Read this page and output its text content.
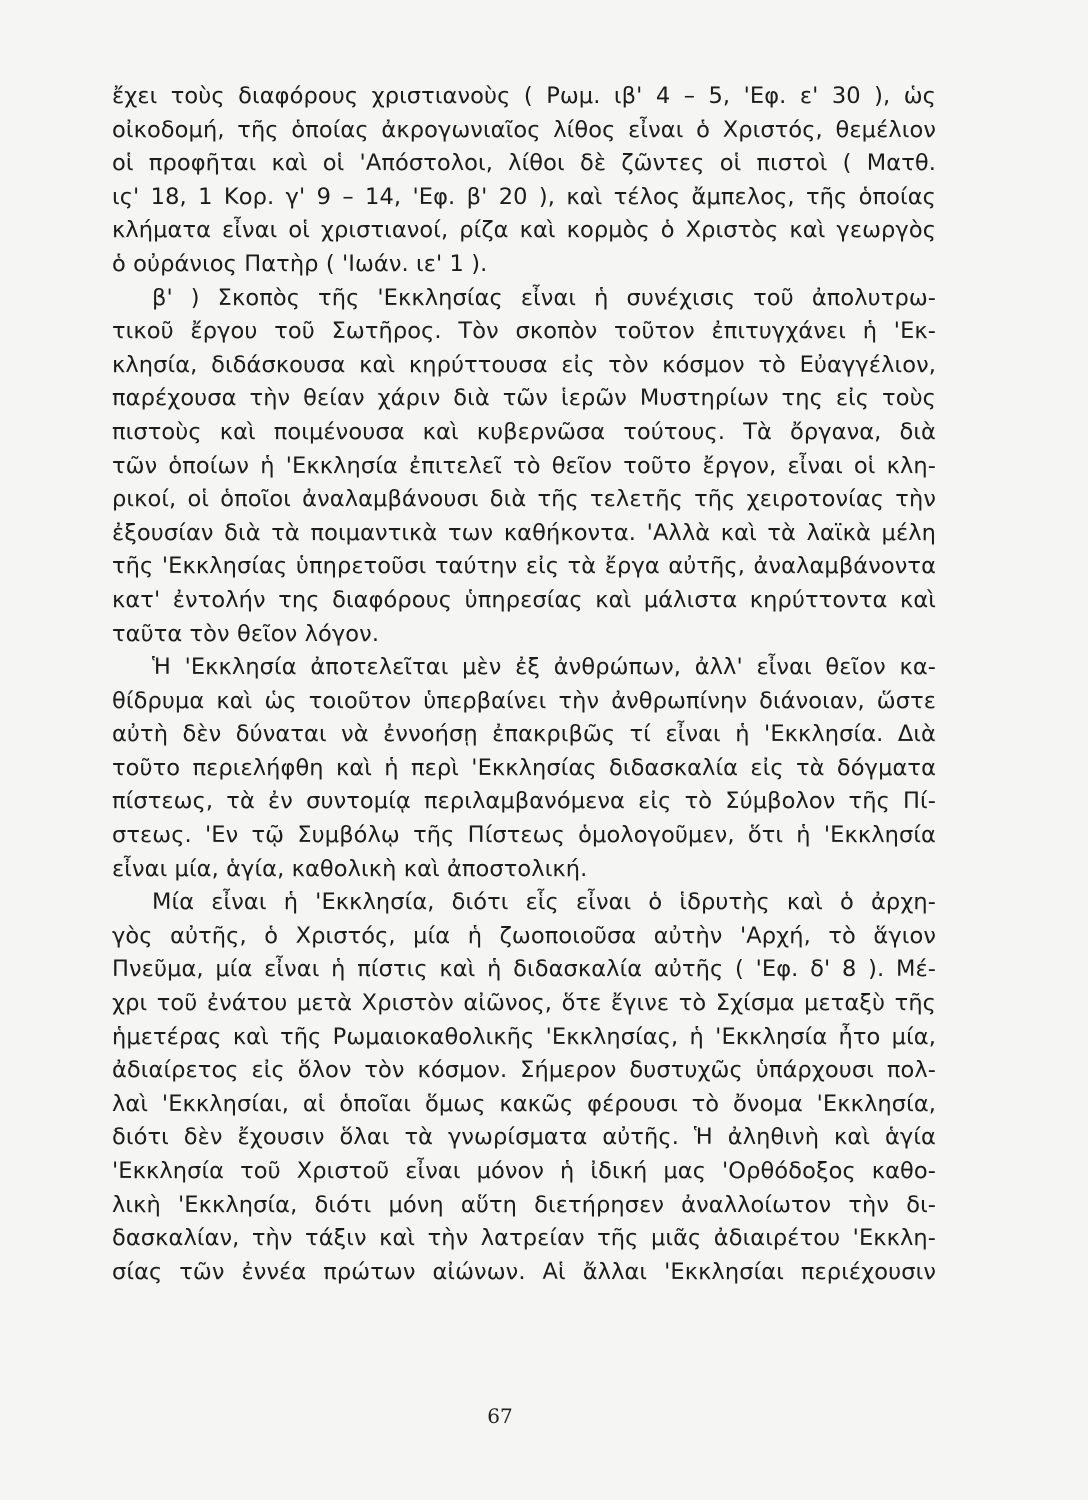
ἔχει τοὺς διαφόρους χριστιανοὺς ( Ρωμ. ιβ' 4 – 5, 'Εφ. ε' 30 ), ὡς
οἰκοδομή, τῆς ὁποίας ἀκρογωνιαῖος λίθος εἶναι ὁ Χριστός, θεμέλιον
οἱ προφῆται καὶ οἱ 'Απόστολοι, λίθοι δὲ ζῶντες οἱ πιστοὶ ( Ματθ.
ις' 18, 1 Κορ. γ' 9 – 14, 'Εφ. β' 20 ), καὶ τέλος ἄμπελος, τῆς ὁποίας
κλήματα εἶναι οἱ χριστιανοί, ρίζα καὶ κορμὸς ὁ Χριστὸς καὶ γεωργὸς
ὁ οὐράνιος Πατὴρ ( 'Ιωάν. ιε' 1 ).
β' ) Σκοπὸς τῆς 'Εκκλησίας εἶναι ἡ συνέχισις τοῦ ἀπολυτρω-
τικοῦ ἔργου τοῦ Σωτῆρος. Τὸν σκοπὸν τοῦτον ἐπιτυγχάνει ἡ 'Εκ-
κλησία, διδάσκουσα καὶ κηρύττουσα εἰς τὸν κόσμον τὸ Εὐαγγέλιον,
παρέχουσα τὴν θείαν χάριν διὰ τῶν ἱερῶν Μυστηρίων της εἰς τοὺς
πιστοὺς καὶ ποιμένουσα καὶ κυβερνῶσα τούτους. Τὰ ὄργανα, διὰ
τῶν ὁποίων ἡ 'Εκκλησία ἐπιτελεῖ τὸ θεῖον τοῦτο ἔργον, εἶναι οἱ κλη-
ρικοί, οἱ ὁποῖοι ἀναλαμβάνουσι διὰ τῆς τελετῆς τῆς χειροτονίας τὴν
ἐξουσίαν διὰ τὰ ποιμαντικὰ των καθήκοντα. 'Αλλὰ καὶ τὰ λαϊκὰ μέλη
τῆς 'Εκκλησίας ὑπηρετοῦσι ταύτην εἰς τὰ ἔργα αὐτῆς, ἀναλαμβάνοντα
κατ' ἐντολήν της διαφόρους ὑπηρεσίας καὶ μάλιστα κηρύττοντα καὶ
ταῦτα τὸν θεῖον λόγον.
Ἡ 'Εκκλησία ἀποτελεῖται μὲν ἐξ ἀνθρώπων, ἀλλ' εἶναι θεῖον κα-
θίδρυμα καὶ ὡς τοιοῦτον ὑπερβαίνει τὴν ἀνθρωπίνην διάνοιαν, ὥστε
αὐτὴ δὲν δύναται νὰ ἐννοήσῃ ἐπακριβῶς τί εἶναι ἡ 'Εκκλησία. Διὰ
τοῦτο περιελήφθη καὶ ἡ περὶ 'Εκκλησίας διδασκαλία εἰς τὰ δόγματα
πίστεως, τὰ ἐν συντομίᾳ περιλαμβανόμενα εἰς τὸ Σύμβολον τῆς Πί-
στεως. 'Εν τῷ Συμβόλῳ τῆς Πίστεως ὁμολογοῦμεν, ὅτι ἡ 'Εκκλησία
εἶναι μία, ἁγία, καθολικὴ καὶ ἀποστολική.
Μία εἶναι ἡ 'Εκκλησία, διότι εἷς εἶναι ὁ ἱδρυτὴς καὶ ὁ ἀρχη-
γὸς αὐτῆς, ὁ Χριστός, μία ἡ ζωοποιοῦσα αὐτὴν 'Αρχή, τὸ ἅγιον
Πνεῦμα, μία εἶναι ἡ πίστις καὶ ἡ διδασκαλία αὐτῆς ( 'Εφ. δ' 8 ). Μέ-
χρι τοῦ ἐνάτου μετὰ Χριστὸν αἰῶνος, ὅτε ἔγινε τὸ Σχίσμα μεταξὺ τῆς
ἡμετέρας καὶ τῆς Ρωμαιοκαθολικῆς 'Εκκλησίας, ἡ 'Εκκλησία ἦτο μία,
ἀδιαίρετος εἰς ὅλον τὸν κόσμον. Σήμερον δυστυχῶς ὑπάρχουσι πολ-
λαὶ 'Εκκλησίαι, αἱ ὁποῖαι ὅμως κακῶς φέρουσι τὸ ὄνομα 'Εκκλησία,
διότι δὲν ἔχουσιν ὅλαι τὰ γνωρίσματα αὐτῆς. Ἡ ἀληθινὴ καὶ ἁγία
'Εκκλησία τοῦ Χριστοῦ εἶναι μόνον ἡ ἰδική μας 'Ορθόδοξος καθο-
λικὴ 'Εκκλησία, διότι μόνη αὕτη διετήρησεν ἀναλλοίωτον τὴν δι-
δασκαλίαν, τὴν τάξιν καὶ τὴν λατρείαν τῆς μιᾶς ἀδιαιρέτου 'Εκκλη-
σίας τῶν ἐννέα πρώτων αἰώνων. Αἱ ἄλλαι 'Εκκλησίαι περιέχουσιν
67
